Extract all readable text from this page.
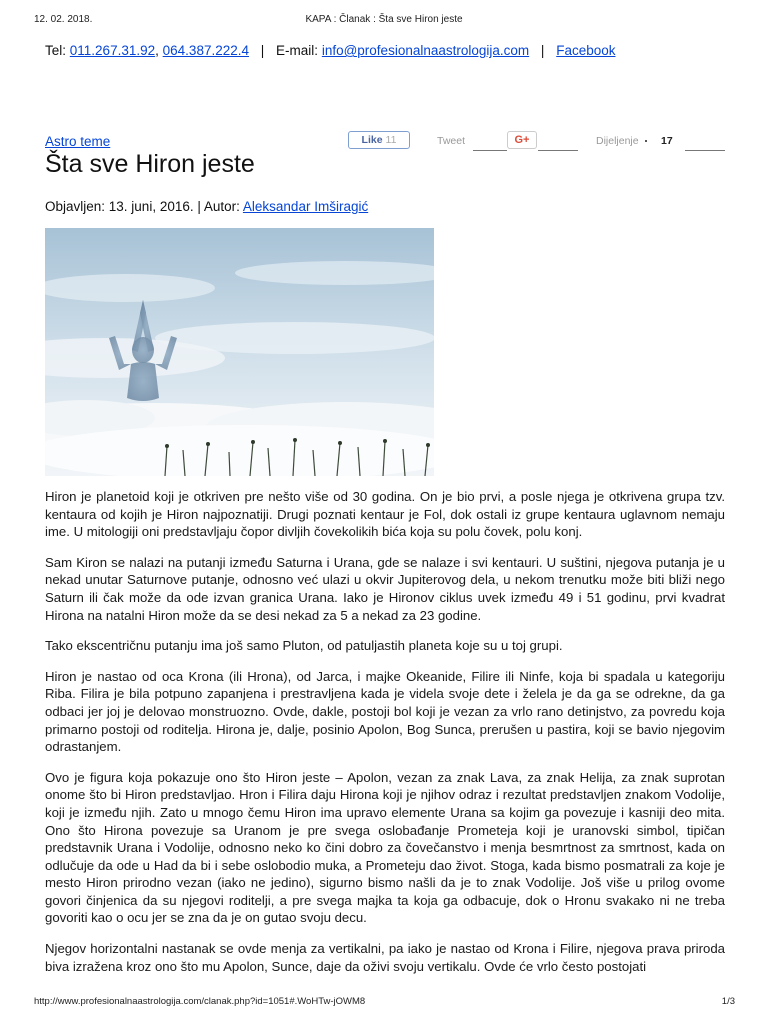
12. 02. 2018.	KAPA : Članak : Šta sve Hiron jeste
Tel: 011.267.31.92, 064.387.222.4 | E-mail: info@profesionalnaastrologija.com | Facebook
Astro teme	Like 11	Tweet	G+	Dijeljenje 17
Šta sve Hiron jeste
Objavljen: 13. juni, 2016. | Autor: Aleksandar Imširagić

Hiron je planetoid koji je otkriven pre nešto više od 30 godina. On je bio prvi, a posle njega je otkrivena grupa tzv. kentaura od kojih je Hiron najpoznatiji. Drugi poznati kentaur je Fol, dok ostali iz grupe kentaura uglavnom nemaju ime. U mitologiji oni predstavljaju čopor divljih čovekolikih bića koja su polu čovek, polu konj.

Sam Kiron se nalazi na putanji između Saturna i Urana, gde se nalaze i svi kentauri. U suštini, njegova putanja je u nekad unutar Saturnove putanje, odnosno već ulazi u okvir Jupiterovog dela, u nekom trenutku može biti bliži nego Saturn ili čak može da ode izvan granica Urana. Iako je Hironov ciklus uvek između 49 i 51 godinu, prvi kvadrat Hirona na natalni Hiron može da se desi nekad za 5 a nekad za 23 godine.

Tako ekscentričnu putanju ima još samo Pluton, od patuljastih planeta koje su u toj grupi.

Hiron je nastao od oca Krona (ili Hrona), od Jarca, i majke Okeanide, Filire ili Ninfe, koja bi spadala u kategoriju Riba. Filira je bila potpuno zapanjena i prestravljena kada je videla svoje dete i želela je da ga se odrekne, da ga odbaci jer joj je delovao monstruozno. Ovde, dakle, postoji bol koji je vezan za vrlo rano detinjstvo, za povredu koja primarno postoji od roditelja. Hirona je, dalje, posinio Apolon, Bog Sunca, prerušen u pastira, koji se bavio njegovim odrastanjem.

Ovo je figura koja pokazuje ono što Hiron jeste – Apolon, vezan za znak Lava, za znak Helija, za znak suprotan onome što bi Hiron predstavljao. Hron i Filira daju Hirona koji je njihov odraz i rezultat predstavljen znakom Vodolije, koji je između njih. Zato u mnogo čemu Hiron ima upravo elemente Urana sa kojim ga povezuje i kasniji deo mita. Ono što Hirona povezuje sa Uranom je pre svega oslobađanje Prometeja koji je uranovski simbol, tipičan predstavnik Urana i Vodolije, odnosno neko ko čini dobro za čovečanstvo i menja besmrtnost za smrtnost, kada on odlučuje da ode u Had da bi i sebe oslobodio muka, a Prometeju dao život. Stoga, kada bismo posmatrali za koje je mesto Hiron prirodno vezan (iako ne jedino), sigurno bismo našli da je to znak Vodolije. Još više u prilog ovome govori činjenica da su njegovi roditelji, a pre svega majka ta koja ga odbacuje, dok o Hronu svakako ni ne treba govoriti kao o ocu jer se zna da je on gutao svoju decu.

Njegov horizontalni nastanak se ovde menja za vertikalni, pa iako je nastao od Krona i Filire, njegova prava priroda biva izražena kroz ono što mu Apolon, Sunce, daje da oživi svoju vertikalu. Ovde će vrlo često postojati

http://www.profesionalnaastrologija.com/clanak.php?id=1051#.WoHTw-jOWM8	1/3
